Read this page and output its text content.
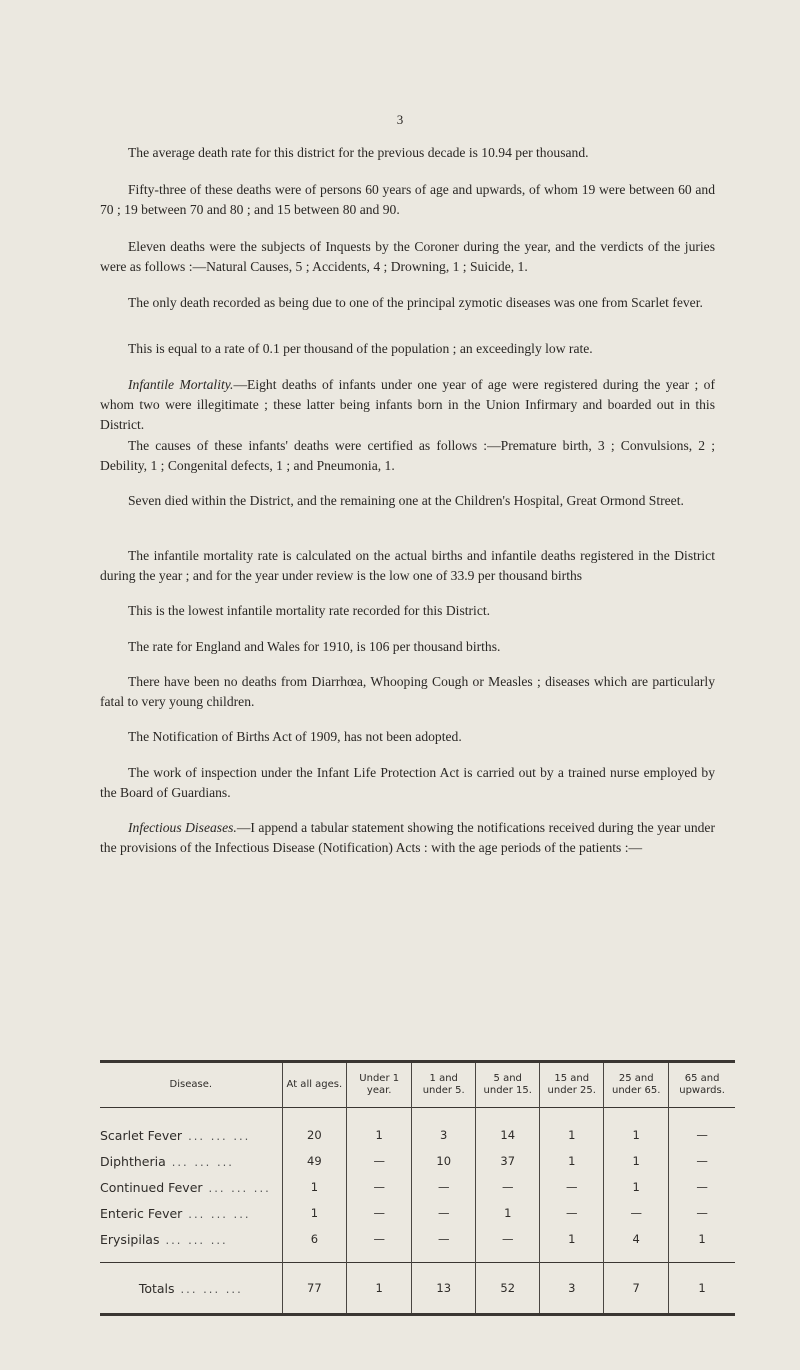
3

The average death rate for this district for the previous decade is 10.94 per thousand.

Fifty-three of these deaths were of persons 60 years of age and upwards, of whom 19 were between 60 and 70 ; 19 between 70 and 80 ; and 15 between 80 and 90.

Eleven deaths were the subjects of Inquests by the Coroner during the year, and the verdicts of the juries were as follows :—Natural Causes, 5 ; Accidents, 4 ; Drowning, 1 ; Suicide, 1.

The only death recorded as being due to one of the principal zymotic diseases was one from Scarlet fever.

This is equal to a rate of 0.1 per thousand of the population ; an exceedingly low rate.

Infantile Mortality.—Eight deaths of infants under one year of age were registered during the year ; of whom two were illegitimate ; these latter being infants born in the Union Infirmary and boarded out in this District.

The causes of these infants' deaths were certified as follows :—Premature birth, 3 ; Convulsions, 2 ; Debility, 1 ; Congenital defects, 1 ; and Pneumonia, 1.

Seven died within the District, and the remaining one at the Children's Hospital, Great Ormond Street.

The infantile mortality rate is calculated on the actual births and infantile deaths registered in the District during the year ; and for the year under review is the low one of 33.9 per thousand births

This is the lowest infantile mortality rate recorded for this District.

The rate for England and Wales for 1910, is 106 per thousand births.

There have been no deaths from Diarrhœa, Whooping Cough or Measles ; diseases which are particularly fatal to very young children.

The Notification of Births Act of 1909, has not been adopted.

The work of inspection under the Infant Life Protection Act is carried out by a trained nurse employed by the Board of Guardians.

Infectious Diseases.—I append a tabular statement showing the notifications received during the year under the provisions of the Infectious Disease (Notification) Acts : with the age periods of the patients :—

Disease.	At all ages.	Under 1 year.	1 and under 5.	5 and under 15.	15 and under 25.	25 and under 65.	65 and upwards.
Scarlet Fever ... ... ...	20	1	3	14	1	1	—
Diphtheria ... ... ...	49	—	10	37	1	1	—
Continued Fever ... ... ...	1	—	—	—	—	1	—
Enteric Fever ... ... ...	1	—	—	1	—	—	—
Erysipilas ... ... ...	6	—	—	—	1	4	1
Totals ... ... ...	77	1	13	52	3	7	1
